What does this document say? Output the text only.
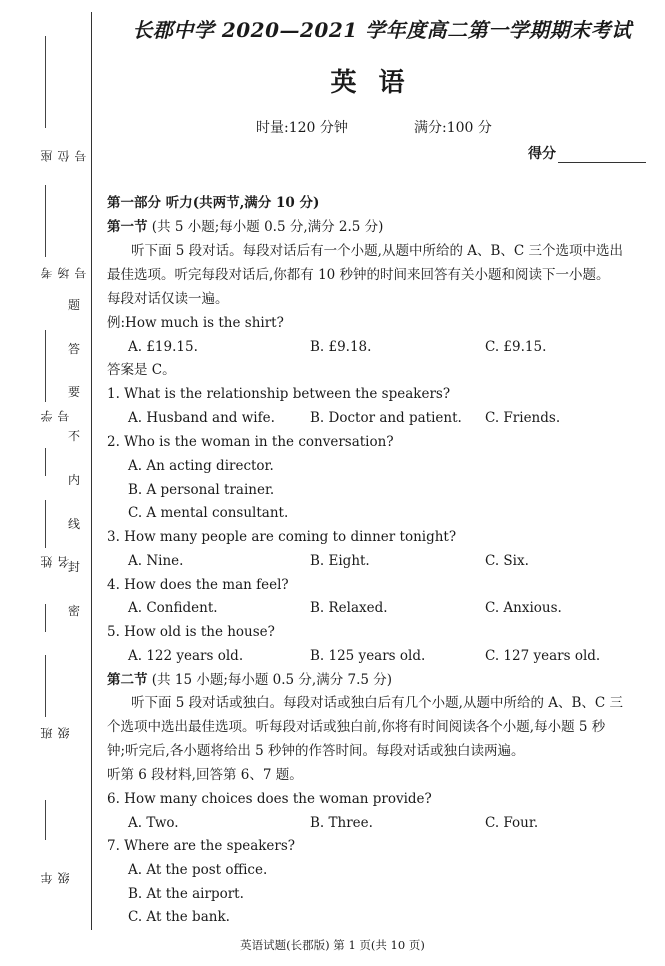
座位号
考场号
学 号
姓 名
班 级
年 级
题
答
要
不
内
线
封
密
长郡中学 2020—2021 学年度高二第一学期期末考试
英语
时量:120 分钟	满分:100 分
得分
第一部分 听力(共两节,满分 10 分)
第一节 (共 5 小题;每小题 0.5 分,满分 2.5 分)
听下面 5 段对话。每段对话后有一个小题,从题中所给的 A、B、C 三个选项中选出
最佳选项。听完每段对话后,你都有 10 秒钟的时间来回答有关小题和阅读下一小题。
每段对话仅读一遍。
例:How much is the shirt?
A. £19.15.	B. £9.18.	C. £9.15.
答案是 C。
1. What is the relationship between the speakers?
A. Husband and wife.	B. Doctor and patient. C. Friends.
2. Who is the woman in the conversation?
A. An acting director.
B. A personal trainer.
C. A mental consultant.
3. How many people are coming to dinner tonight?
A. Nine.	B. Eight.	C. Six.
4. How does the man feel?
A. Confident.	B. Relaxed.	C. Anxious.
5. How old is the house?
A. 122 years old.	B. 125 years old.	C. 127 years old.
第二节 (共 15 小题;每小题 0.5 分,满分 7.5 分)
听下面 5 段对话或独白。每段对话或独白后有几个小题,从题中所给的 A、B、C 三
个选项中选出最佳选项。听每段对话或独白前,你将有时间阅读各个小题,每小题 5 秒
钟;听完后,各小题将给出 5 秒钟的作答时间。每段对话或独白读两遍。
听第 6 段材料,回答第 6、7 题。
6. How many choices does the woman provide?
A. Two.	B. Three.	C. Four.
7. Where are the speakers?
A. At the post office.
B. At the airport.
C. At the bank.
英语试题(长郡版) 第 1 页(共 10 页)
